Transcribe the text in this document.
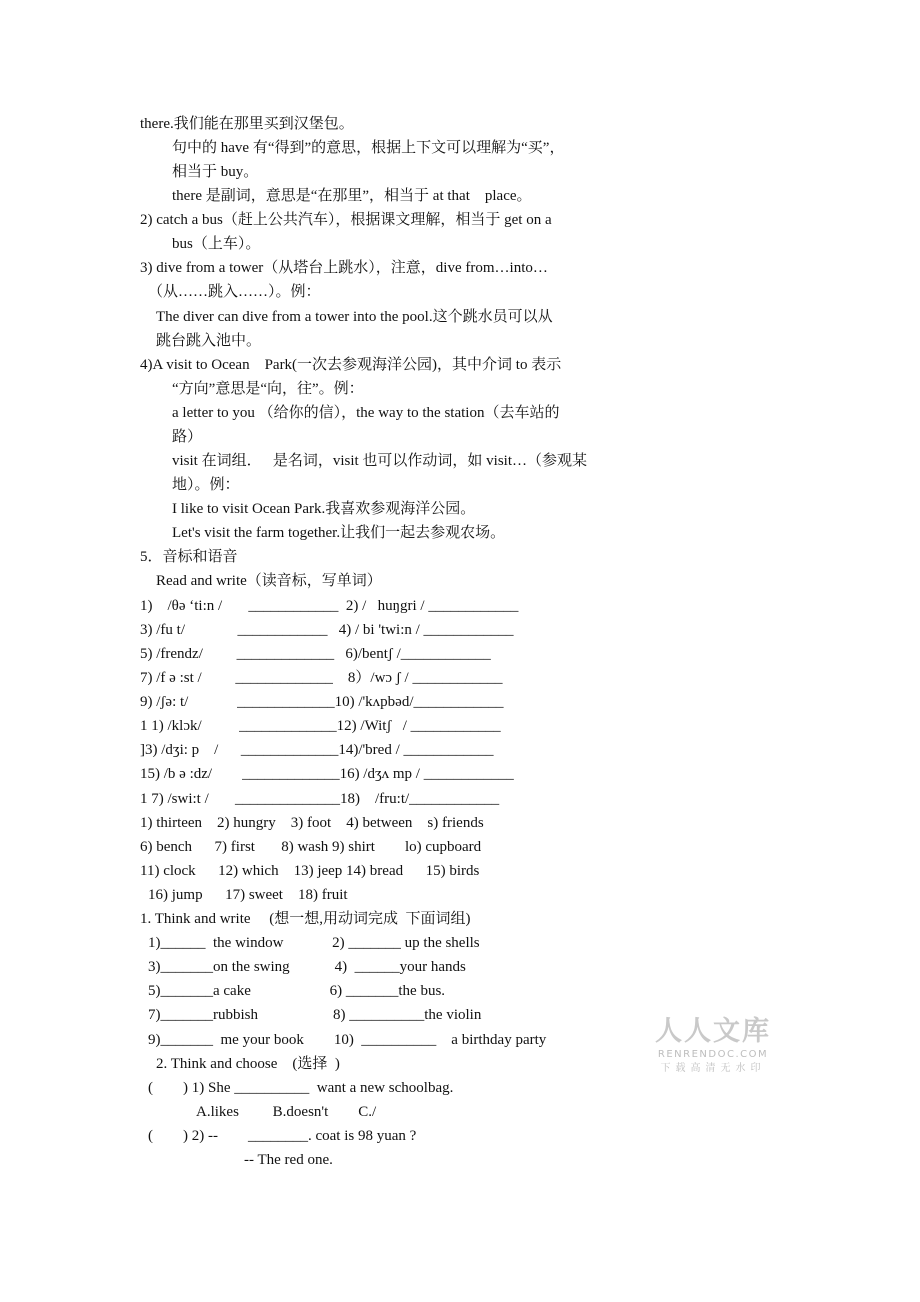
there.我们能在那里买到汉堡包。
句中的 have 有“得到”的意思，根据上下文可以理解为“买”，
相当于 buy。
there 是副词，意思是“在那里”，相当于 at that    place。
2) catch a bus（赶上公共汽车），根据课文理解，相当于 get on a
bus（上车）。
3) dive from a tower（从塔台上跳水），注意，dive from…into…
（从……跳入……）。例：
The diver can dive from a tower into the pool.这个跳水员可以从
跳台跳入池中。
4)A visit to Ocean    Park(一次去参观海洋公园)，其中介词 to 表示
“方向”意思是“向，往”。例：
a letter to you （给你的信），the way to the station（去车站的
路）
visit 在词组．   是名词，visit 也可以作动词，如 visit…（参观某
地）。例：
I like to visit Ocean Park.我喜欢参观海洋公园。
Let's visit the farm together.让我们一起去参观农场。
5．音标和语音
Read and write（读音标，写单词）
1)    /θə ‘ti:n /       ____________  2) /   huŋgri / ____________
3) /fu t/              ____________   4) / bi 'twi:n / ____________
5) /frendz/         _____________   6)/bentʃ /____________
7) /f ə :st /         _____________    8）/wɔ ʃ / ____________
9) /ʃə: t/             _____________10) /'kʌpbəd/____________
1 1) /klɔk/          _____________12) /Witʃ   / ____________
]3) /dʒi: p    /      _____________14)/'bred / ____________
15) /b ə :dz/        _____________16) /dʒʌ mp / ____________
1 7) /swi:t /       ______________18)    /fru:t/____________
1) thirteen    2) hungry    3) foot    4) between    s) friends
6) bench      7) first       8) wash 9) shirt        lo) cupboard
11) clock      12) which    13) jeep 14) bread      15) birds
16) jump      17) sweet    18) fruit
1. Think and write     (想一想,用动词完成  下面词组)
1)______  the window             2) _______ up the shells
3)_______on the swing            4)  ______your hands
5)_______a cake                     6) _______the bus.
7)_______rubbish                    8) __________the violin
9)_______  me your book        10)  __________    a birthday party
2. Think and choose    (选择  )
(        ) 1) She __________  want a new schoolbag.
A.likes         B.doesn't        C./
(        ) 2) --        ________. coat is 98 yuan ?
-- The red one.
人人文库
RENRENDOC.COM
下载高清无水印
